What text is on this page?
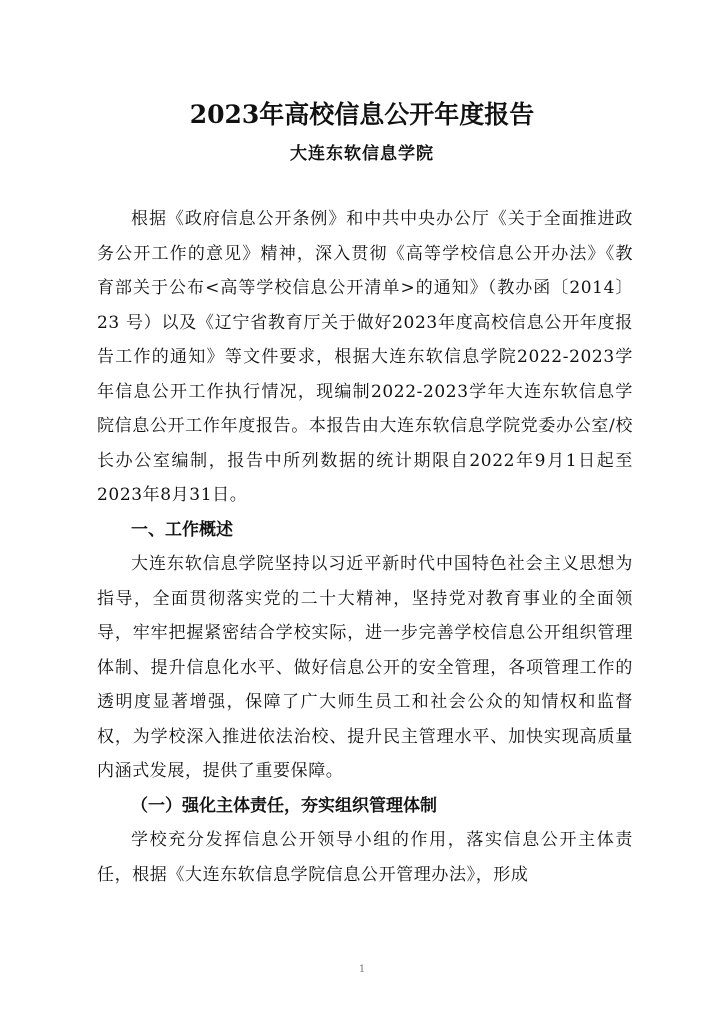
2023年高校信息公开年度报告
大连东软信息学院

根据《政府信息公开条例》和中共中央办公厅《关于全面推进政务公开工作的意见》精神，深入贯彻《高等学校信息公开办法》《教育部关于公布<高等学校信息公开清单>的通知》（教办函〔2014〕23 号）以及《辽宁省教育厅关于做好2023年度高校信息公开年度报告工作的通知》等文件要求，根据大连东软信息学院2022-2023学年信息公开工作执行情况，现编制2022-2023学年大连东软信息学院信息公开工作年度报告。本报告由大连东软信息学院党委办公室/校长办公室编制，报告中所列数据的统计期限自2022年9月1日起至 2023年8月31日。

一、工作概述

大连东软信息学院坚持以习近平新时代中国特色社会主义思想为指导，全面贯彻落实党的二十大精神，坚持党对教育事业的全面领导，牢牢把握紧密结合学校实际，进一步完善学校信息公开组织管理体制、提升信息化水平、做好信息公开的安全管理，各项管理工作的透明度显著增强，保障了广大师生员工和社会公众的知情权和监督权，为学校深入推进依法治校、提升民主管理水平、加快实现高质量内涵式发展，提供了重要保障。

（一）强化主体责任，夯实组织管理体制

学校充分发挥信息公开领导小组的作用，落实信息公开主体责任，根据《大连东软信息学院信息公开管理办法》，形成

1
